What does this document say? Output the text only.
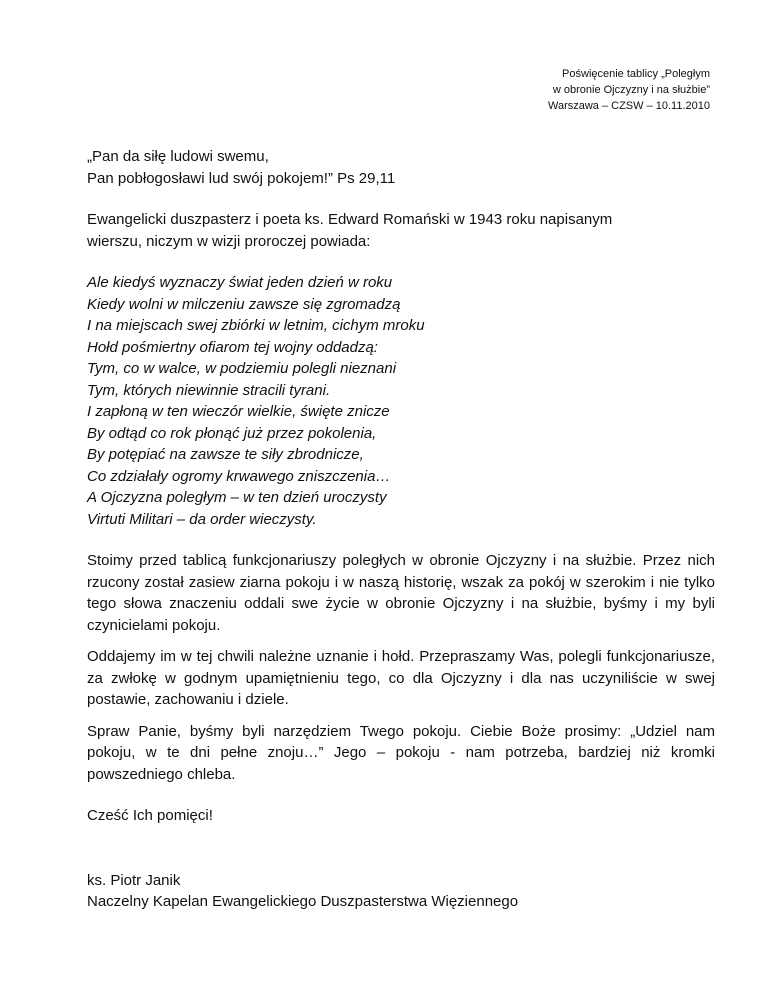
Poświęcenie tablicy „Poległym
w obronie Ojczyzny i na służbie”
Warszawa – CZSW – 10.11.2010

„Pan da siłę ludowi swemu,
Pan pobłogosławi lud swój pokojem!” Ps 29,11

Ewangelicki duszpasterz i poeta ks. Edward Romański w 1943 roku napisanym
wierszu, niczym w wizji proroczej powiada:

Ale kiedyś wyznaczy świat jeden dzień w roku
Kiedy wolni w milczeniu zawsze się zgromadzą
I na miejscach swej zbiórki w letnim, cichym mroku
Hołd pośmiertny ofiarom tej wojny oddadzą:
Tym, co w walce, w podziemiu polegli nieznani
Tym, których niewinnie stracili tyrani.
I zapłoną w ten wieczór wielkie, święte znicze
By odtąd co rok płonąć już przez pokolenia,
By potępiać na zawsze te siły zbrodnicze,
Co zdziałały ogromy krwawego zniszczenia…
A Ojczyzna poległym – w ten dzień uroczysty
Virtuti Militari – da order wieczysty.

Stoimy przed tablicą funkcjonariuszy poległych w obronie Ojczyzny i na służbie. Przez nich rzucony został zasiew ziarna pokoju i w naszą historię, wszak za pokój w szerokim i nie tylko tego słowa znaczeniu oddali swe życie w obronie Ojczyzny i na służbie, byśmy i my byli czynicielami pokoju.

Oddajemy im w tej chwili należne uznanie i hołd. Przepraszamy Was, polegli funkcjonariusze, za zwłokę w godnym upamiętnieniu tego, co dla Ojczyzny i dla nas uczyniliście w swej postawie, zachowaniu i dziele.

Spraw Panie, byśmy byli narzędziem Twego pokoju. Ciebie Boże prosimy: „Udziel nam pokoju, w te dni pełne znoju…” Jego – pokoju - nam potrzeba, bardziej niż kromki powszedniego chleba.

Cześć Ich pomięci!

ks. Piotr Janik
Naczelny Kapelan Ewangelickiego Duszpasterstwa Więziennego
